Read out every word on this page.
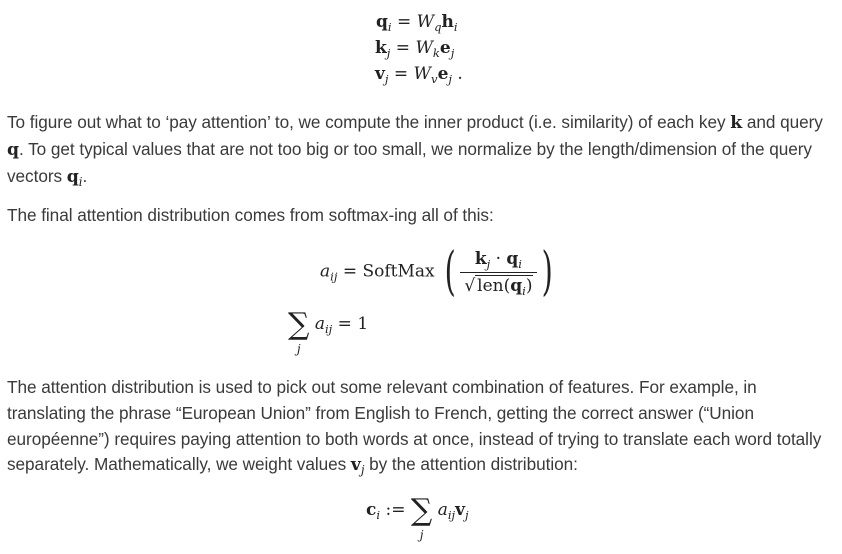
$q_i = W_qh_i$
$k_j = W_ke_j$
$v_j = W_ve_j$ .

To figure out what to ‘pay attention’ to, we compute the inner product (i.e. similarity) of each key k and query q. To get typical values that are not too big or too small, we normalize by the length/dimension of the query vectors $q_i$.

The final attention distribution comes from softmax-ing all of this:

$a_{ij}$ = SoftMax ( $\frac{k_j \cdot q_i}{√ len(q_i)}$ )
∑
j
$a_{ij} = 1$

The attention distribution is used to pick out some relevant combination of features. For example, in translating the phrase “European Union” from English to French, getting the correct answer (“Union européenne”) requires paying attention to both words at once, instead of trying to translate each word totally separately. Mathematically, we weight values $v_j$ by the attention distribution:

$c_i$ := ∑
j
$a_{ij}v_j$
